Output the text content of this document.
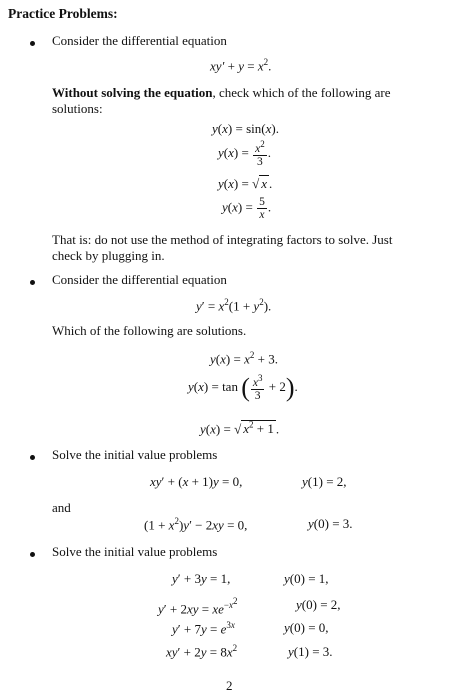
Practice Problems:
Consider the differential equation
$xy' + y = x^2$.
Without solving the equation, check which of the following are
solutions:
y(x) = sin(x).
$y(x) = \frac{x^2}{3}$ .
y(x) = √ x .
$y(x) = \frac{5}{x}$ .
That is: do not use the method of integrating factors to solve. Just
check by plugging in.
Consider the differential equation
$y' = x^2(1 + y^2)$.
Which of the following are solutions.
$y(x) = x^2 + 3$.
y(x) = tan ( $\frac{x^3}{3} + 2$).
y(x) = √ $x^2 + 1$ .
Solve the initial value problems
xy′ + (x + 1)y = 0,	y(1) = 2,
and
$(1 + x^2)y' - 2xy = 0$,	y(0) = 3.
Solve the initial value problems
y′ + 3y = 1,	y(0) = 1,
$y' + 2xy = xe^{-x^2}$	y(0) = 2,
$y' + 7y = e^{3x}$	y(0) = 0,
$xy' + 2y = 8x^2$	y(1) = 3.
2
